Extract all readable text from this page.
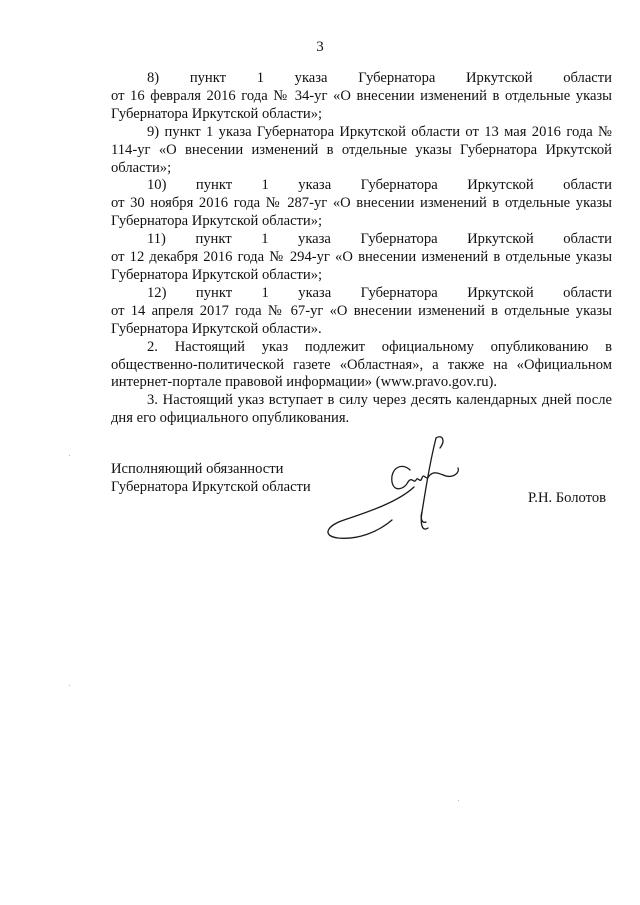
3

8) пункт 1 указа Губернатора Иркутской области

от 16 февраля 2016 года № 34-уг «О внесении изменений в отдельные указы Губернатора Иркутской области»;

9) пункт 1 указа Губернатора Иркутской области от 13 мая 2016 года № 114-уг «О внесении изменений в отдельные указы Губернатора Иркутской области»;

10) пункт 1 указа Губернатора Иркутской области

от 30 ноября 2016 года № 287-уг «О внесении изменений в отдельные указы Губернатора Иркутской области»;

11) пункт 1 указа Губернатора Иркутской области

от 12 декабря 2016 года № 294-уг «О внесении изменений в отдельные указы Губернатора Иркутской области»;

12) пункт 1 указа Губернатора Иркутской области

от 14 апреля 2017 года № 67-уг «О внесении изменений в отдельные указы Губернатора Иркутской области».

2. Настоящий указ подлежит официальному опубликованию в общественно-политической газете «Областная», а также на «Официальном интернет-портале правовой информации» (www.pravo.gov.ru).

3. Настоящий указ вступает в силу через десять календарных дней после дня его официального опубликования.

Исполняющий обязанности
Губернатора Иркутской области
Р.Н. Болотов
